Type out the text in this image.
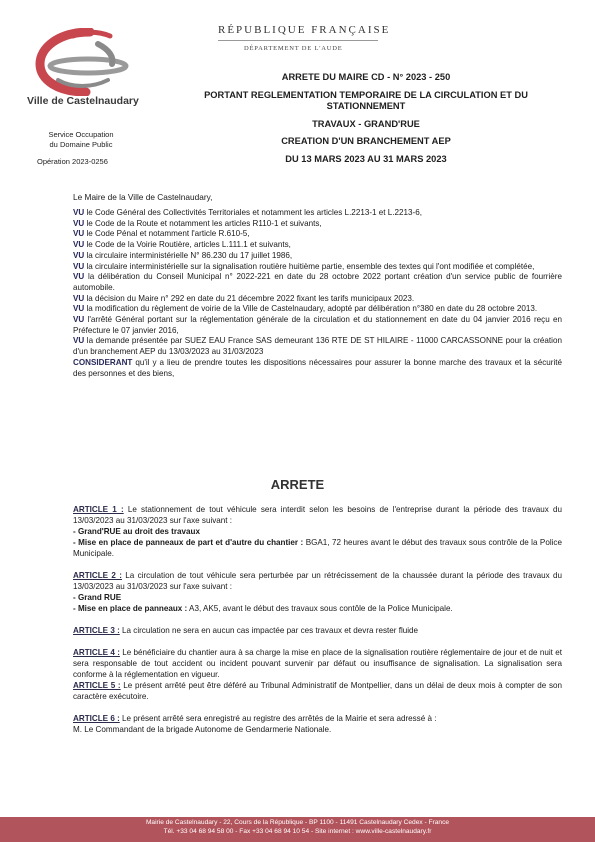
RÉPUBLIQUE FRANÇAISE
DÉPARTEMENT DE L'AUDE
Ville de Castelnaudary
Service Occupation
du Domaine Public
Opération 2023-0256
ARRETE DU MAIRE CD - N° 2023 - 250
PORTANT REGLEMENTATION TEMPORAIRE DE LA CIRCULATION ET DU
STATIONNEMENT
TRAVAUX - GRAND'RUE
CREATION D'UN BRANCHEMENT AEP
DU 13 MARS 2023 AU 31 MARS 2023
Le Maire de la Ville de Castelnaudary,

VU le Code Général des Collectivités Territoriales et notamment les articles L.2213-1 et L.2213-6,

VU le Code de la Route et notamment les articles R110-1 et suivants,

VU le Code Pénal et notamment l'article R.610-5,

VU le Code de la Voirie Routière, articles L.111.1 et suivants,

VU la circulaire interministérielle N° 86.230 du 17 juillet 1986,

VU la circulaire interministérielle sur la signalisation routière huitième partie, ensemble des textes qui l'ont modifiée et complétée,

VU la délibération du Conseil Municipal n° 2022-221 en date du 28 octobre 2022 portant création d'un service public de fourrière automobile.

VU la décision du Maire n° 292 en date du 21 décembre 2022 fixant les tarifs municipaux 2023.

VU la modification du règlement de voirie de la Ville de Castelnaudary, adopté par délibération n°380 en date du 28 octobre 2013.

VU l'arrêté Général portant sur la réglementation générale de la circulation et du stationnement en date du 04 janvier 2016 reçu en Préfecture le 07 janvier 2016,

VU la demande présentée par SUEZ EAU France SAS demeurant 136 RTE DE ST HILAIRE - 11000 CARCASSONNE pour la création d'un branchement AEP du 13/03/2023 au 31/03/2023

CONSIDERANT qu'il y a lieu de prendre toutes les dispositions nécessaires pour assurer la bonne marche des travaux et la sécurité des personnes et des biens,

ARRETE

ARTICLE 1 : Le stationnement de tout véhicule sera interdit selon les besoins de l'entreprise durant la période des travaux du 13/03/2023 au 31/03/2023 sur l'axe suivant :

- Grand'RUE au droit des travaux

- Mise en place de panneaux de part et d'autre du chantier : BGA1, 72 heures avant le début des travaux sous contrôle de la Police Municipale.

ARTICLE 2 : La circulation de tout véhicule sera perturbée par un rétrécissement de la chaussée durant la période des travaux du 13/03/2023 au 31/03/2023 sur l'axe suivant :

- Grand RUE

- Mise en place de panneaux : A3, AK5, avant le début des travaux sous contôle de la Police Municipale.

ARTICLE 3 : La circulation ne sera en aucun cas impactée par ces travaux et devra rester fluide

ARTICLE 4 : Le bénéficiaire du chantier aura à sa charge la mise en place de la signalisation routière réglementaire de jour et de nuit et sera responsable de tout accident ou incident pouvant survenir par défaut ou insuffisance de signalisation. La signalisation sera conforme à la réglementation en vigueur.

ARTICLE 5 : Le présent arrêté peut être déféré au Tribunal Administratif de Montpellier, dans un délai de deux mois à compter de son caractère exécutoire.

ARTICLE 6 : Le présent arrêté sera enregistré au registre des arrêtés de la Mairie et sera adressé à :

M. Le Commandant de la brigade Autonome de Gendarmerie Nationale.

Mairie de Castelnaudary - 22, Cours de la République - BP 1100 - 11491 Castelnaudary Cedex - France
Tél. +33 04 68 94 58 00 - Fax +33 04 68 94 10 54 - Site internet : www.ville-castelnaudary.fr
